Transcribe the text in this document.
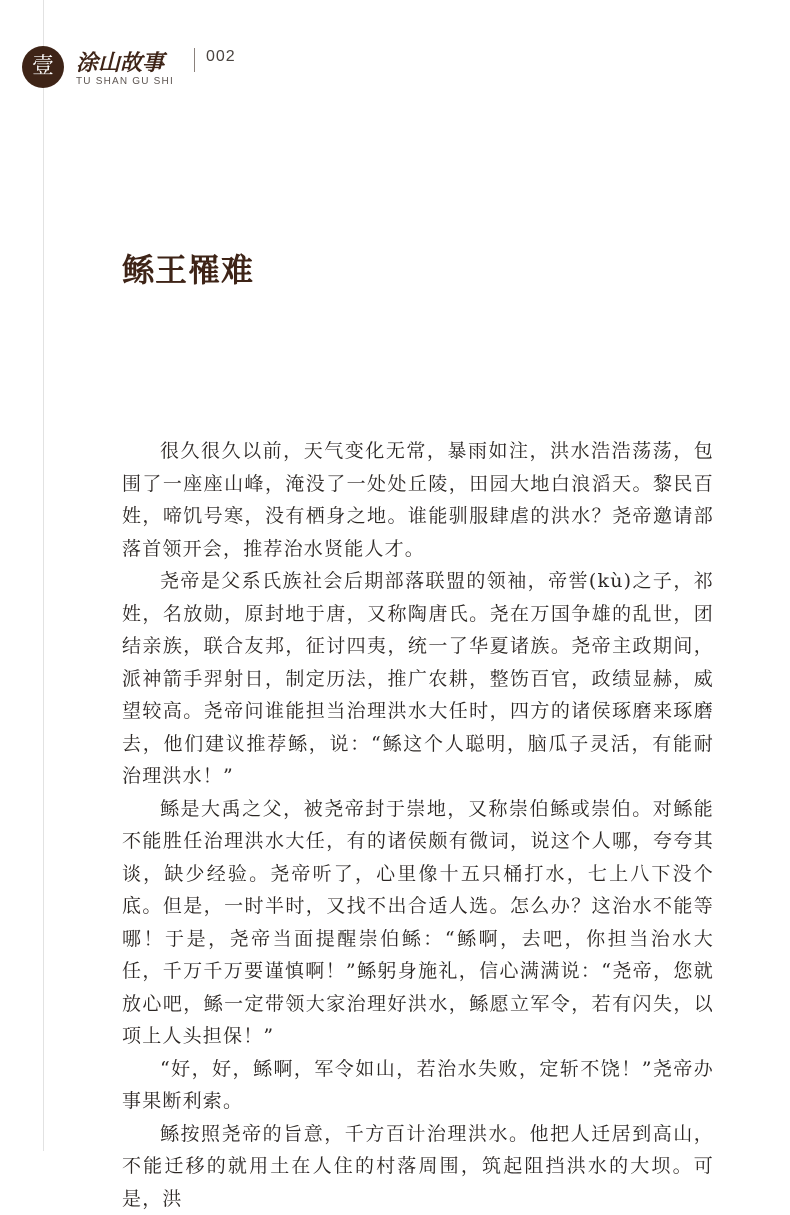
壹	涂山故事	002
TU SHAN GU SHI
鲧王罹难

很久很久以前，天气变化无常，暴雨如注，洪水浩浩荡荡，包围了一座座山峰，淹没了一处处丘陵，田园大地白浪滔天。黎民百姓，啼饥号寒，没有栖身之地。谁能驯服肆虐的洪水？尧帝邀请部落首领开会，推荐治水贤能人才。

尧帝是父系氏族社会后期部落联盟的领袖，帝喾(kù)之子，祁姓，名放勋，原封地于唐，又称陶唐氏。尧在万国争雄的乱世，团结亲族，联合友邦，征讨四夷，统一了华夏诸族。尧帝主政期间，派神箭手羿射日，制定历法，推广农耕，整饬百官，政绩显赫，威望较高。尧帝问谁能担当治理洪水大任时，四方的诸侯琢磨来琢磨去，他们建议推荐鲧，说：“鲧这个人聪明，脑瓜子灵活，有能耐治理洪水！”

鲧是大禹之父，被尧帝封于崇地，又称崇伯鲧或崇伯。对鲧能不能胜任治理洪水大任，有的诸侯颇有微词，说这个人哪，夸夸其谈，缺少经验。尧帝听了，心里像十五只桶打水，七上八下没个底。但是，一时半时，又找不出合适人选。怎么办？这治水不能等哪！于是，尧帝当面提醒崇伯鲧：“鲧啊，去吧，你担当治水大任，千万千万要谨慎啊！”鲧躬身施礼，信心满满说：“尧帝，您就放心吧，鲧一定带领大家治理好洪水，鲧愿立军令，若有闪失，以项上人头担保！”

“好，好，鲧啊，军令如山，若治水失败，定斩不饶！”尧帝办事果断利索。

鲧按照尧帝的旨意，千方百计治理洪水。他把人迁居到高山，不能迁移的就用土在人住的村落周围，筑起阻挡洪水的大坝。可是，洪
